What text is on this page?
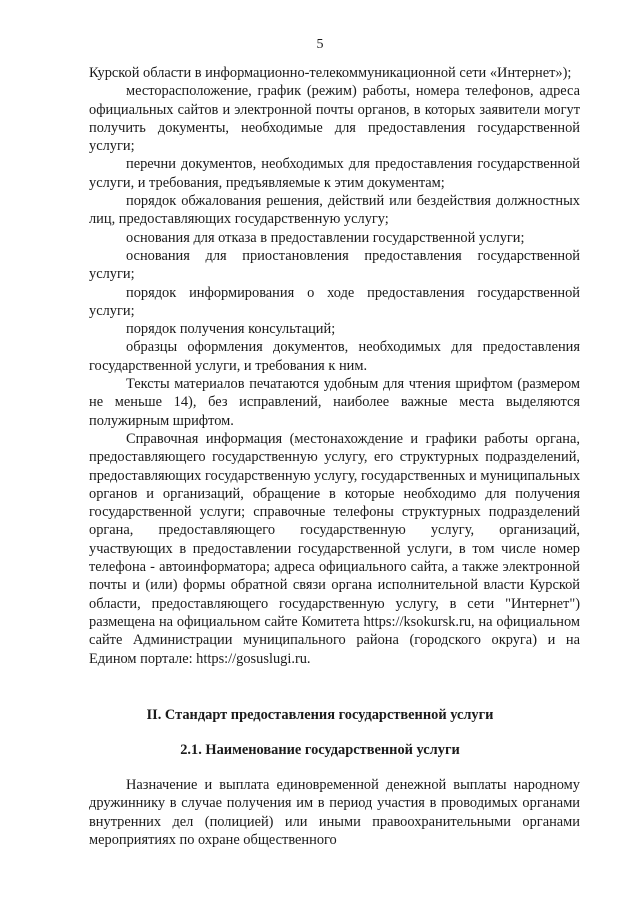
5

Курской области в информационно-телекоммуникационной сети «Интернет»);

месторасположение, график (режим) работы, номера телефонов, адреса официальных сайтов и электронной почты органов, в которых заявители могут получить документы, необходимые для предоставления государственной услуги;

перечни документов, необходимых для предоставления государственной услуги, и требования, предъявляемые к этим документам;

порядок обжалования решения, действий или бездействия должностных лиц, предоставляющих государственную услугу;

основания для отказа в предоставлении государственной услуги;

основания для приостановления предоставления государственной услуги;

порядок информирования о ходе предоставления государственной услуги;

порядок получения консультаций;

образцы оформления документов, необходимых для предоставления государственной услуги, и требования к ним.

Тексты материалов печатаются удобным для чтения шрифтом (размером не меньше 14), без исправлений, наиболее важные места выделяются полужирным шрифтом.

Справочная информация (местонахождение и графики работы органа, предоставляющего государственную услугу, его структурных подразделений, предоставляющих государственную услугу, государственных и муниципальных органов и организаций, обращение в которые необходимо для получения государственной услуги; справочные телефоны структурных подразделений органа, предоставляющего государственную услугу, организаций, участвующих в предоставлении государственной услуги, в том числе номер телефона - автоинформатора; адреса официального сайта, а также электронной почты и (или) формы обратной связи органа исполнительной власти Курской области, предоставляющего государственную услугу, в сети "Интернет") размещена на официальном сайте Комитета https://ksokursk.ru, на официальном сайте Администрации муниципального района (городского округа) и на Едином портале: https://gosuslugi.ru.

II. Стандарт предоставления государственной услуги
2.1. Наименование государственной услуги

Назначение и выплата единовременной денежной выплаты народному дружиннику в случае получения им в период участия в проводимых органами внутренних дел (полицией) или иными правоохранительными органами мероприятиях по охране общественного
